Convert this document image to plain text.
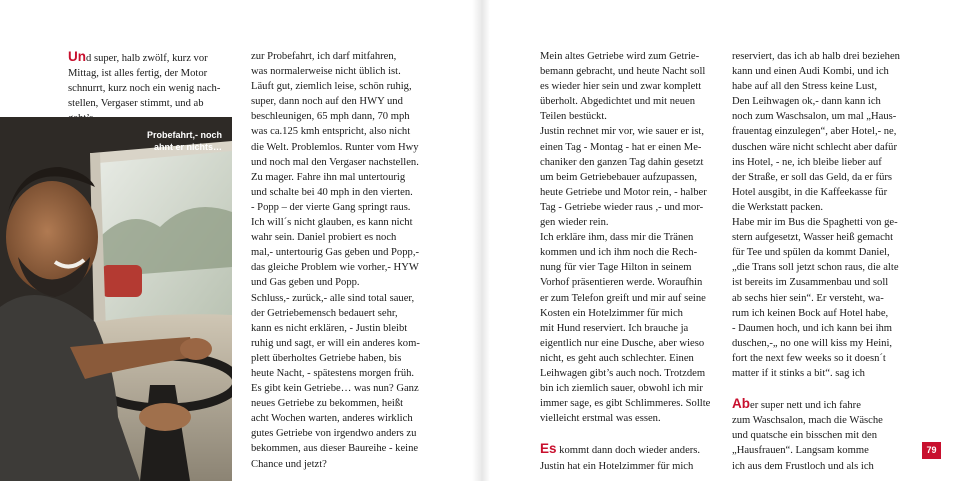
Und super, halb zwölf, kurz vor
Mittag, ist alles fertig, der Motor
schnurrt, kurz noch ein wenig nach-
stellen, Vergaser stimmt, und ab

Probefahrt,- noch
ahnt er nichts…

zur Probefahrt, ich darf mitfahren,
was normalerweise nicht üblich ist.
Läuft gut, ziemlich leise, schön ruhig,
super, dann noch auf den HWY und
beschleunigen, 65 mph dann, 70 mph
was ca.125 kmh entspricht, also nicht
die Welt. Problemlos. Runter vom Hwy
und noch mal den Vergaser nachstellen.
Zu mager. Fahre ihn mal untertourig
und schalte bei 40 mph in den vierten.
- Popp – der vierte Gang springt raus.
Ich will´s nicht glauben, es kann nicht
wahr sein. Daniel probiert es noch
mal,- untertourig Gas geben und Popp,-
das gleiche Problem wie vorher,- HYW
und Gas geben und Popp.
Schluss,- zurück,- alle sind total sauer,
der Getriebemensch bedauert sehr,
kann es nicht erklären, - Justin bleibt
ruhig und sagt, er will ein anderes kom-
plett überholtes Getriebe haben, bis
heute Nacht, - spätestens morgen früh.
Es gibt kein Getriebe… was nun? Ganz
neues Getriebe zu bekommen, heißt
acht Wochen warten, anderes wirklich
gutes Getriebe von irgendwo anders zu
bekommen, aus dieser Baureihe - keine
Chance und jetzt?

Mein altes Getriebe wird zum Getrie-
bemann gebracht, und heute Nacht soll
es wieder hier sein und zwar komplett
überholt. Abgedichtet und mit neuen
Teilen bestückt.
Justin rechnet mir vor, wie sauer er ist,
einen Tag - Montag - hat er einen Me-
chaniker den ganzen Tag dahin gesetzt
um beim Getriebebauer aufzupassen,
heute Getriebe und Motor rein, - halber
Tag - Getriebe wieder raus ,- und mor-
gen wieder rein.
Ich erkläre ihm, dass mir die Tränen
kommen und ich ihm noch die Rech-
nung für vier Tage Hilton in seinem
Vorhof präsentieren werde. Woraufhin
er zum Telefon greift und mir auf seine
Kosten ein Hotelzimmer für mich
mit Hund reserviert. Ich brauche ja
eigentlich nur eine Dusche, aber wieso
nicht, es geht auch schlechter. Einen
Leihwagen gibt’s auch noch. Trotzdem
bin ich ziemlich sauer, obwohl ich mir
immer sage, es gibt Schlimmeres. Sollte
vielleicht erstmal was essen.

Es kommt dann doch wieder anders.
Justin hat ein Hotelzimmer für mich

reserviert, das ich ab halb drei beziehen
kann und einen Audi Kombi, und ich
habe auf all den Stress keine Lust,
Den Leihwagen ok,- dann kann ich
noch zum Waschsalon, um mal „Haus-
frauentag einzulegen“, aber Hotel,- ne,
duschen wäre nicht schlecht aber dafür
ins Hotel, - ne, ich bleibe lieber auf
der Straße, er soll das Geld, da er fürs
Hotel ausgibt, in die Kaffeekasse für
die Werkstatt packen.
Habe mir im Bus die Spaghetti von ge-
stern aufgesetzt, Wasser heiß gemacht
für Tee und spülen da kommt Daniel,
„die Trans soll jetzt schon raus, die alte
ist bereits im Zusammenbau und soll
ab sechs hier sein“. Er versteht, wa-
rum ich keinen Bock auf Hotel habe,
- Daumen hoch, und ich kann bei ihm
duschen,-„ no one will kiss my Heini,
fort the next few weeks so it doesn´t
matter if it stinks a bit“. sag ich

Aber super nett und ich fahre
zum Waschsalon, mach die Wäsche
und quatsche ein bisschen mit den
„Hausfrauen“. Langsam komme
ich aus dem Frustloch und als ich

79
